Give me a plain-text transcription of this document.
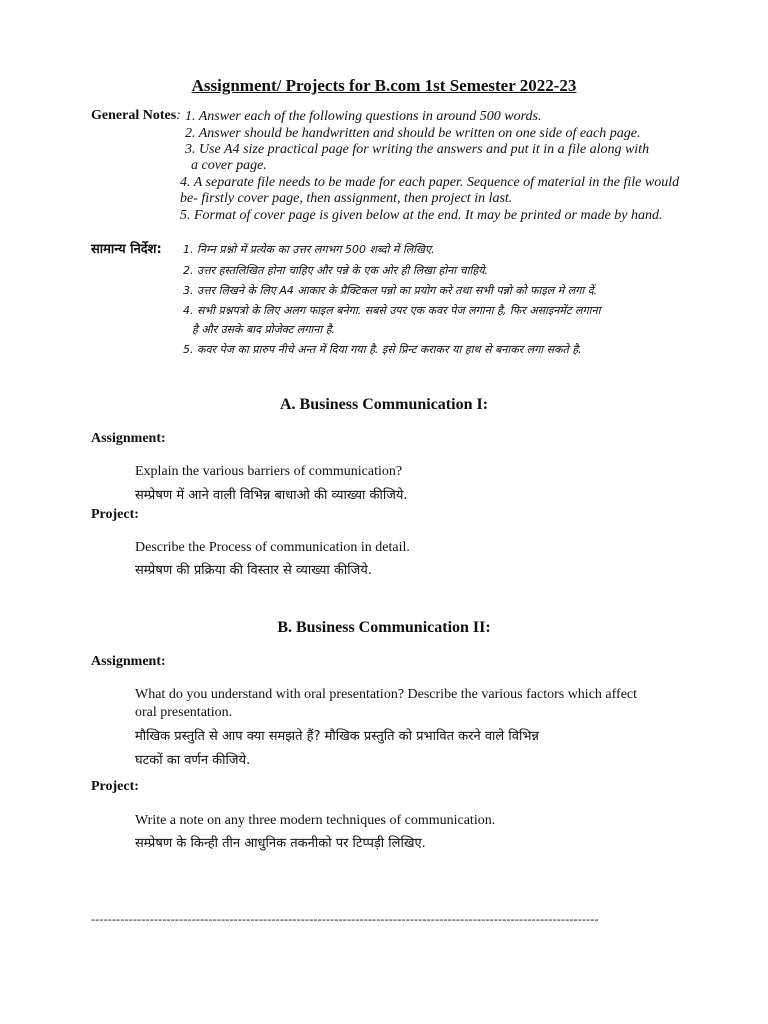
Assignment/ Projects for B.com 1st Semester 2022-23
General Notes: 1. Answer each of the following questions in around 500 words.
2. Answer should be handwritten and should be written on one side of each page.
3. Use A4 size practical page for writing the answers and put it in a file along with
a cover page.
4. A separate file needs to be made for each paper. Sequence of material in the file would
be- firstly cover page, then assignment, then project in last.
5. Format of cover page is given below at the end. It may be printed or made by hand.
सामान्य निर्देश: 1. निम्न प्रश्नो में प्रत्येक का उत्तर लगभग 500 शब्दो में लिखिए.
2. उत्तर हस्तलिखित होना चाहिए और पन्ने के एक ओर ही लिखा होना चाहिये.
3. उत्तर लिखने के लिए A4 आकार के प्रैक्टिकल पन्नो का प्रयोग करे तथा सभी पन्नो को फाइल मे लगा दें.
4. सभी प्रश्नपत्रो के लिए अलग फाइल बनेगा. सबसे उपर एक कवर पेज लगाना है, फिर असाइनमेंट लगाना
है और उसके बाद प्रोजेक्ट लगाना है.
5. कवर पेज का प्रारुप नीचे अन्त में दिया गया है. इसे प्रिन्ट कराकर या हाथ से बनाकर लगा सकते है.
A. Business Communication I:
Assignment:
Explain the various barriers of communication?
सम्प्रेषण में आने वाली विभिन्न बाधाओ की व्याख्या कीजिये.
Project:
Describe the Process of communication in detail.
सम्प्रेषण की प्रक्रिया की विस्तार से व्याख्या कीजिये.
B. Business Communication II:
Assignment:
What do you understand with oral presentation? Describe the various factors which affect
oral presentation.
मौखिक प्रस्तुति से आप क्या समझते हैं? मौखिक प्रस्तुति को प्रभावित करने वाले विभिन्न
घटकों का वर्णन कीजिये.
Project:
Write a note on any three modern techniques of communication.
सम्प्रेषण के किन्ही तीन आधुनिक तकनीको पर टिप्पड़ी लिखिए.
-------------------------------------------------------------------------------------------------------------------------
